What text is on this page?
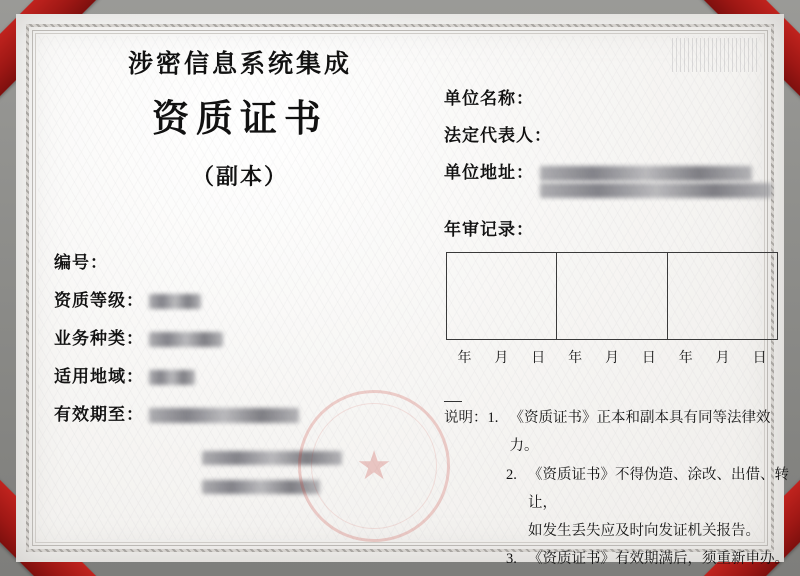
涉密信息系统集成
资质证书
（副本）
编 号 ：
资质等级 ：
业务种类 ：
适用地域 ：
有效期至 ：
★
单位名称：
法定代表人：
单位地址：
年审记录：
年 月 日 年 月 日 年 月 日
说明： 1. 《资质证书》正本和副本具有同等法律效力。
2. 《资质证书》不得伪造、涂改、出借、转让，
如发生丢失应及时向发证机关报告。
3. 《资质证书》有效期满后，须重新申办。
